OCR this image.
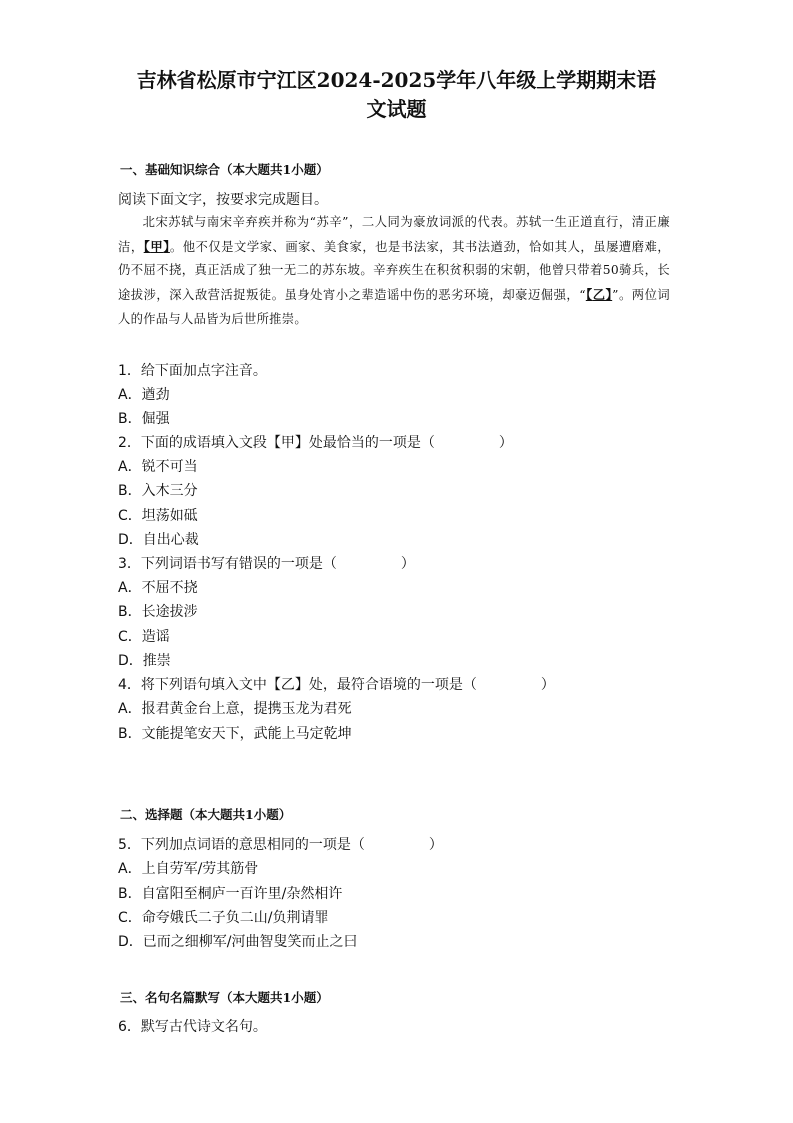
吉林省松原市宁江区2024-2025学年八年级上学期期末语
文试题
一、基础知识综合（本大题共1小题）

阅读下面文字，按要求完成题目。

北宋苏轼与南宋辛弃疾并称为“苏辛”，二人同为豪放词派的代表。苏轼一生正道直行，清正廉洁， 【 甲 】 。他不仅是文学家、画家、美食家，也是书法家，其书法遒劲，恰如其人，虽屡遭磨难，仍不屈不挠，真正活成了独一无二的苏东坡。辛弃疾生在积贫积弱的宋朝，他曾只带着50骑兵，长途拔涉，深入敌营活捉叛徒。虽身处宵小之辈造谣中伤的恶劣环境，却豪迈倔强，“ 【 乙 】 ”。两位词人的作品与人品皆为后世所推崇。

1．给下面加点字注音。

A．遒劲

B．倔强

2．下面的成语填入文段【甲】处最恰当的一项是（  ）

A．锐不可当

B．入木三分

C．坦荡如砥

D．自出心裁

3．下列词语书写有错误的一项是（  ）

A．不屈不挠

B．长途拔涉

C．造谣

D．推崇

4．将下列语句填入文中【乙】处，最符合语境的一项是（  ）

A．报君黄金台上意，提携玉龙为君死

B．文能提笔安天下，武能上马定乾坤

二、选择题（本大题共1小题）

5．下列加点词语的意思相同的一项是（  ）

A．上自劳军/劳其筋骨

B．自富阳至桐庐一百许里/杂然相许

C．命夸娥氏二子负二山/负荆请罪

D．已而之细柳军/河曲智叟笑而止之曰

三、名句名篇默写（本大题共1小题）

6．默写古代诗文名句。
